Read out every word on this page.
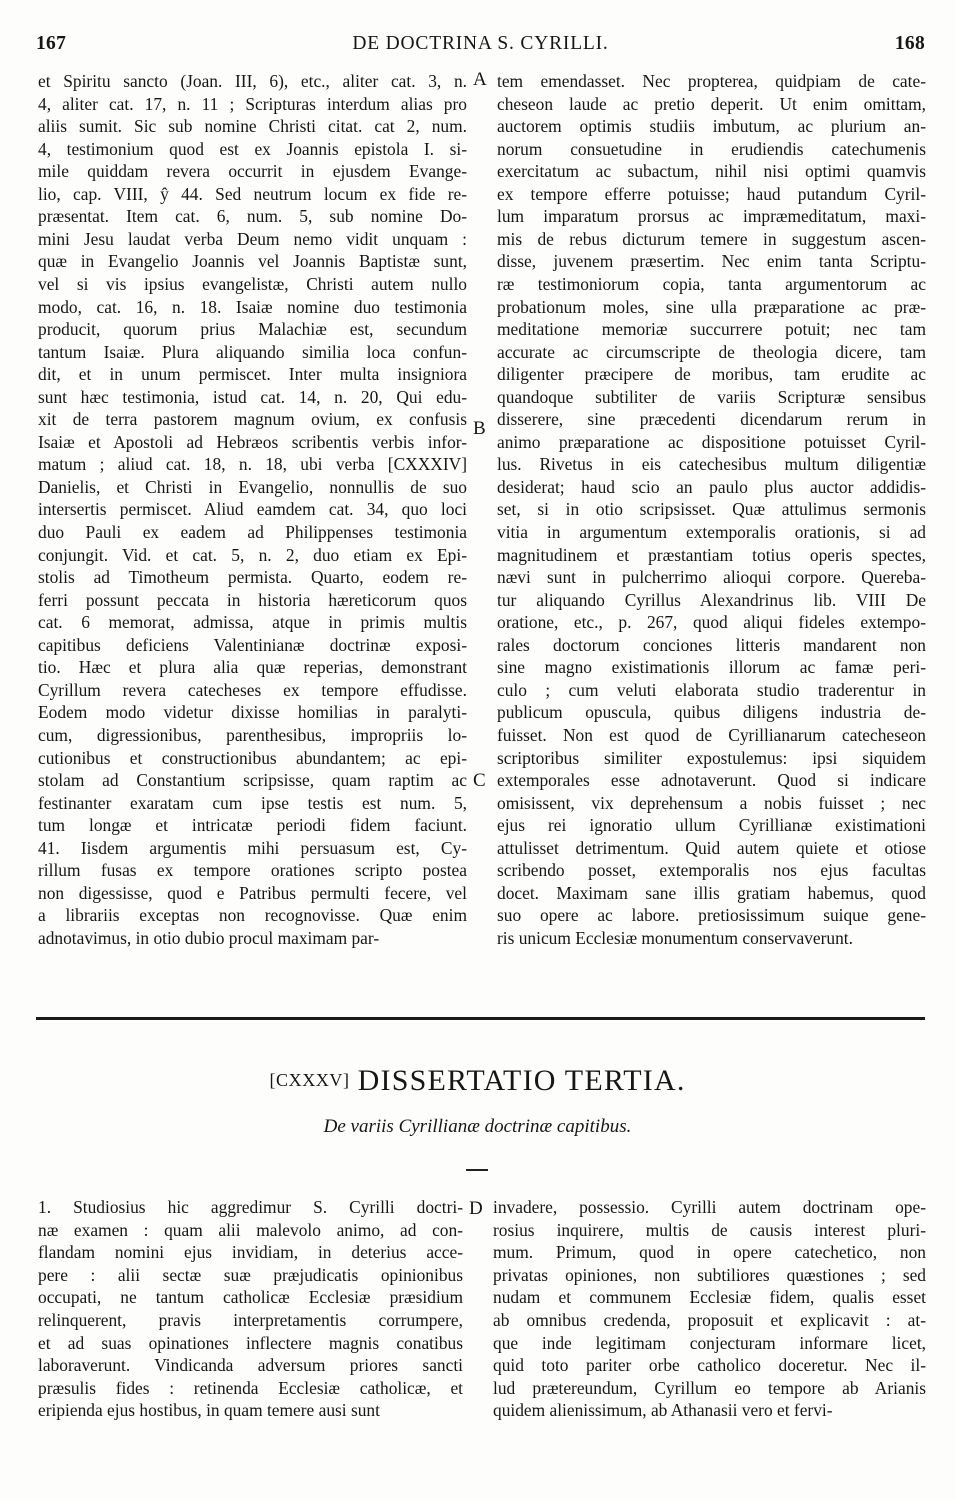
167	DE DOCTRINA S. CYRILLI.	168
A
B
C
D
et Spiritu sancto (Joan. III, 6), etc., aliter cat. 3, n.
4, aliter cat. 17, n. 11 ; Scripturas interdum alias pro
aliis sumit. Sic sub nomine Christi citat. cat 2, num.
4, testimonium quod est ex Joannis epistola I. si-
mile quiddam revera occurrit in ejusdem Evange-
lio, cap. VIII, ŷ 44. Sed neutrum locum ex fide re-
præsentat. Item cat. 6, num. 5, sub nomine Do-
mini Jesu laudat verba Deum nemo vidit unquam :
quæ in Evangelio Joannis vel Joannis Baptistæ sunt,
vel si vis ipsius evangelistæ, Christi autem nullo
modo, cat. 16, n. 18. Isaiæ nomine duo testimonia
producit, quorum prius Malachiæ est, secundum
tantum Isaiæ. Plura aliquando similia loca confun-
dit, et in unum permiscet. Inter multa insigniora
sunt hæc testimonia, istud cat. 14, n. 20, Qui edu-
xit de terra pastorem magnum ovium, ex confusis
Isaiæ et Apostoli ad Hebræos scribentis verbis infor-
matum ; aliud cat. 18, n. 18, ubi verba [CXXXIV]
Danielis, et Christi in Evangelio, nonnullis de suo
intersertis permiscet. Aliud eamdem cat. 34, quo loci
duo Pauli ex eadem ad Philippenses testimonia
conjungit. Vid. et cat. 5, n. 2, duo etiam ex Epi-
stolis ad Timotheum permista. Quarto, eodem re-
ferri possunt peccata in historia hæreticorum quos
cat. 6 memorat, admissa, atque in primis multis
capitibus deficiens Valentinianæ doctrinæ exposi-
tio. Hæc et plura alia quæ reperias, demonstrant
Cyrillum revera catecheses ex tempore effudisse.
Eodem modo videtur dixisse homilias in paralyti-
cum, digressionibus, parenthesibus, impropriis lo-
cutionibus et constructionibus abundantem; ac epi-
stolam ad Constantium scripsisse, quam raptim ac
festinanter exaratam cum ipse testis est num. 5,
tum longæ et intricatæ periodi fidem faciunt.
41. Iisdem argumentis mihi persuasum est, Cy-
rillum fusas ex tempore orationes scripto postea
non digessisse, quod e Patribus permulti fecere, vel
a librariis exceptas non recognovisse. Quæ enim
adnotavimus, in otio dubio procul maximam par-
tem emendasset. Nec propterea, quidpiam de cate-
cheseon laude ac pretio deperit. Ut enim omittam,
auctorem optimis studiis imbutum, ac plurium an-
norum consuetudine in erudiendis catechumenis
exercitatum ac subactum, nihil nisi optimi quamvis
ex tempore efferre potuisse; haud putandum Cyril-
lum imparatum prorsus ac impræmeditatum, maxi-
mis de rebus dicturum temere in suggestum ascen-
disse, juvenem præsertim. Nec enim tanta Scriptu-
ræ testimoniorum copia, tanta argumentorum ac
probationum moles, sine ulla præparatione ac præ-
meditatione memoriæ succurrere potuit; nec tam
accurate ac circumscripte de theologia dicere, tam
diligenter præcipere de moribus, tam erudite ac
quandoque subtiliter de variis Scripturæ sensibus
disserere, sine præcedenti dicendarum rerum in
animo præparatione ac dispositione potuisset Cyril-
lus. Rivetus in eis catechesibus multum diligentiæ
desiderat; haud scio an paulo plus auctor addidis-
set, si in otio scripsisset. Quæ attulimus sermonis
vitia in argumentum extemporalis orationis, si ad
magnitudinem et præstantiam totius operis spectes,
nævi sunt in pulcherrimo alioqui corpore. Quereba-
tur aliquando Cyrillus Alexandrinus lib. VIII De
oratione, etc., p. 267, quod aliqui fideles extempo-
rales doctorum conciones litteris mandarent non
sine magno existimationis illorum ac famæ peri-
culo ; cum veluti elaborata studio traderentur in
publicum opuscula, quibus diligens industria de-
fuisset. Non est quod de Cyrillianarum catecheseon
scriptoribus similiter expostulemus: ipsi siquidem
extemporales esse adnotaverunt. Quod si indicare
omisissent, vix deprehensum a nobis fuisset ; nec
ejus rei ignoratio ullum Cyrillianæ existimationi
attulisset detrimentum. Quid autem quiete et otiose
scribendo posset, extemporalis nos ejus facultas
docet. Maximam sane illis gratiam habemus, quod
suo opere ac labore. pretiosissimum suique gene-
ris unicum Ecclesiæ monumentum conservaverunt.
[CXXXV] DISSERTATIO TERTIA.
De variis Cyrillianæ doctrinæ capitibus.
1. Studiosius hic aggredimur S. Cyrilli doctri-
næ examen : quam alii malevolo animo, ad con-
flandam nomini ejus invidiam, in deterius acce-
pere : alii sectæ suæ præjudicatis opinionibus
occupati, ne tantum catholicæ Ecclesiæ præsidium
relinquerent, pravis interpretamentis corrumpere,
et ad suas opinationes inflectere magnis conatibus
laboraverunt. Vindicanda adversum priores sancti
præsulis fides : retinenda Ecclesiæ catholicæ, et
eripienda ejus hostibus, in quam temere ausi sunt
invadere, possessio. Cyrilli autem doctrinam ope-
rosius inquirere, multis de causis interest pluri-
mum. Primum, quod in opere catechetico, non
privatas opiniones, non subtiliores quæstiones ; sed
nudam et communem Ecclesiæ fidem, qualis esset
ab omnibus credenda, proposuit et explicavit : at-
que inde legitimam conjecturam informare licet,
quid toto pariter orbe catholico doceretur. Nec il-
lud prætereundum, Cyrillum eo tempore ab Arianis
quidem alienissimum, ab Athanasii vero et fervi-
